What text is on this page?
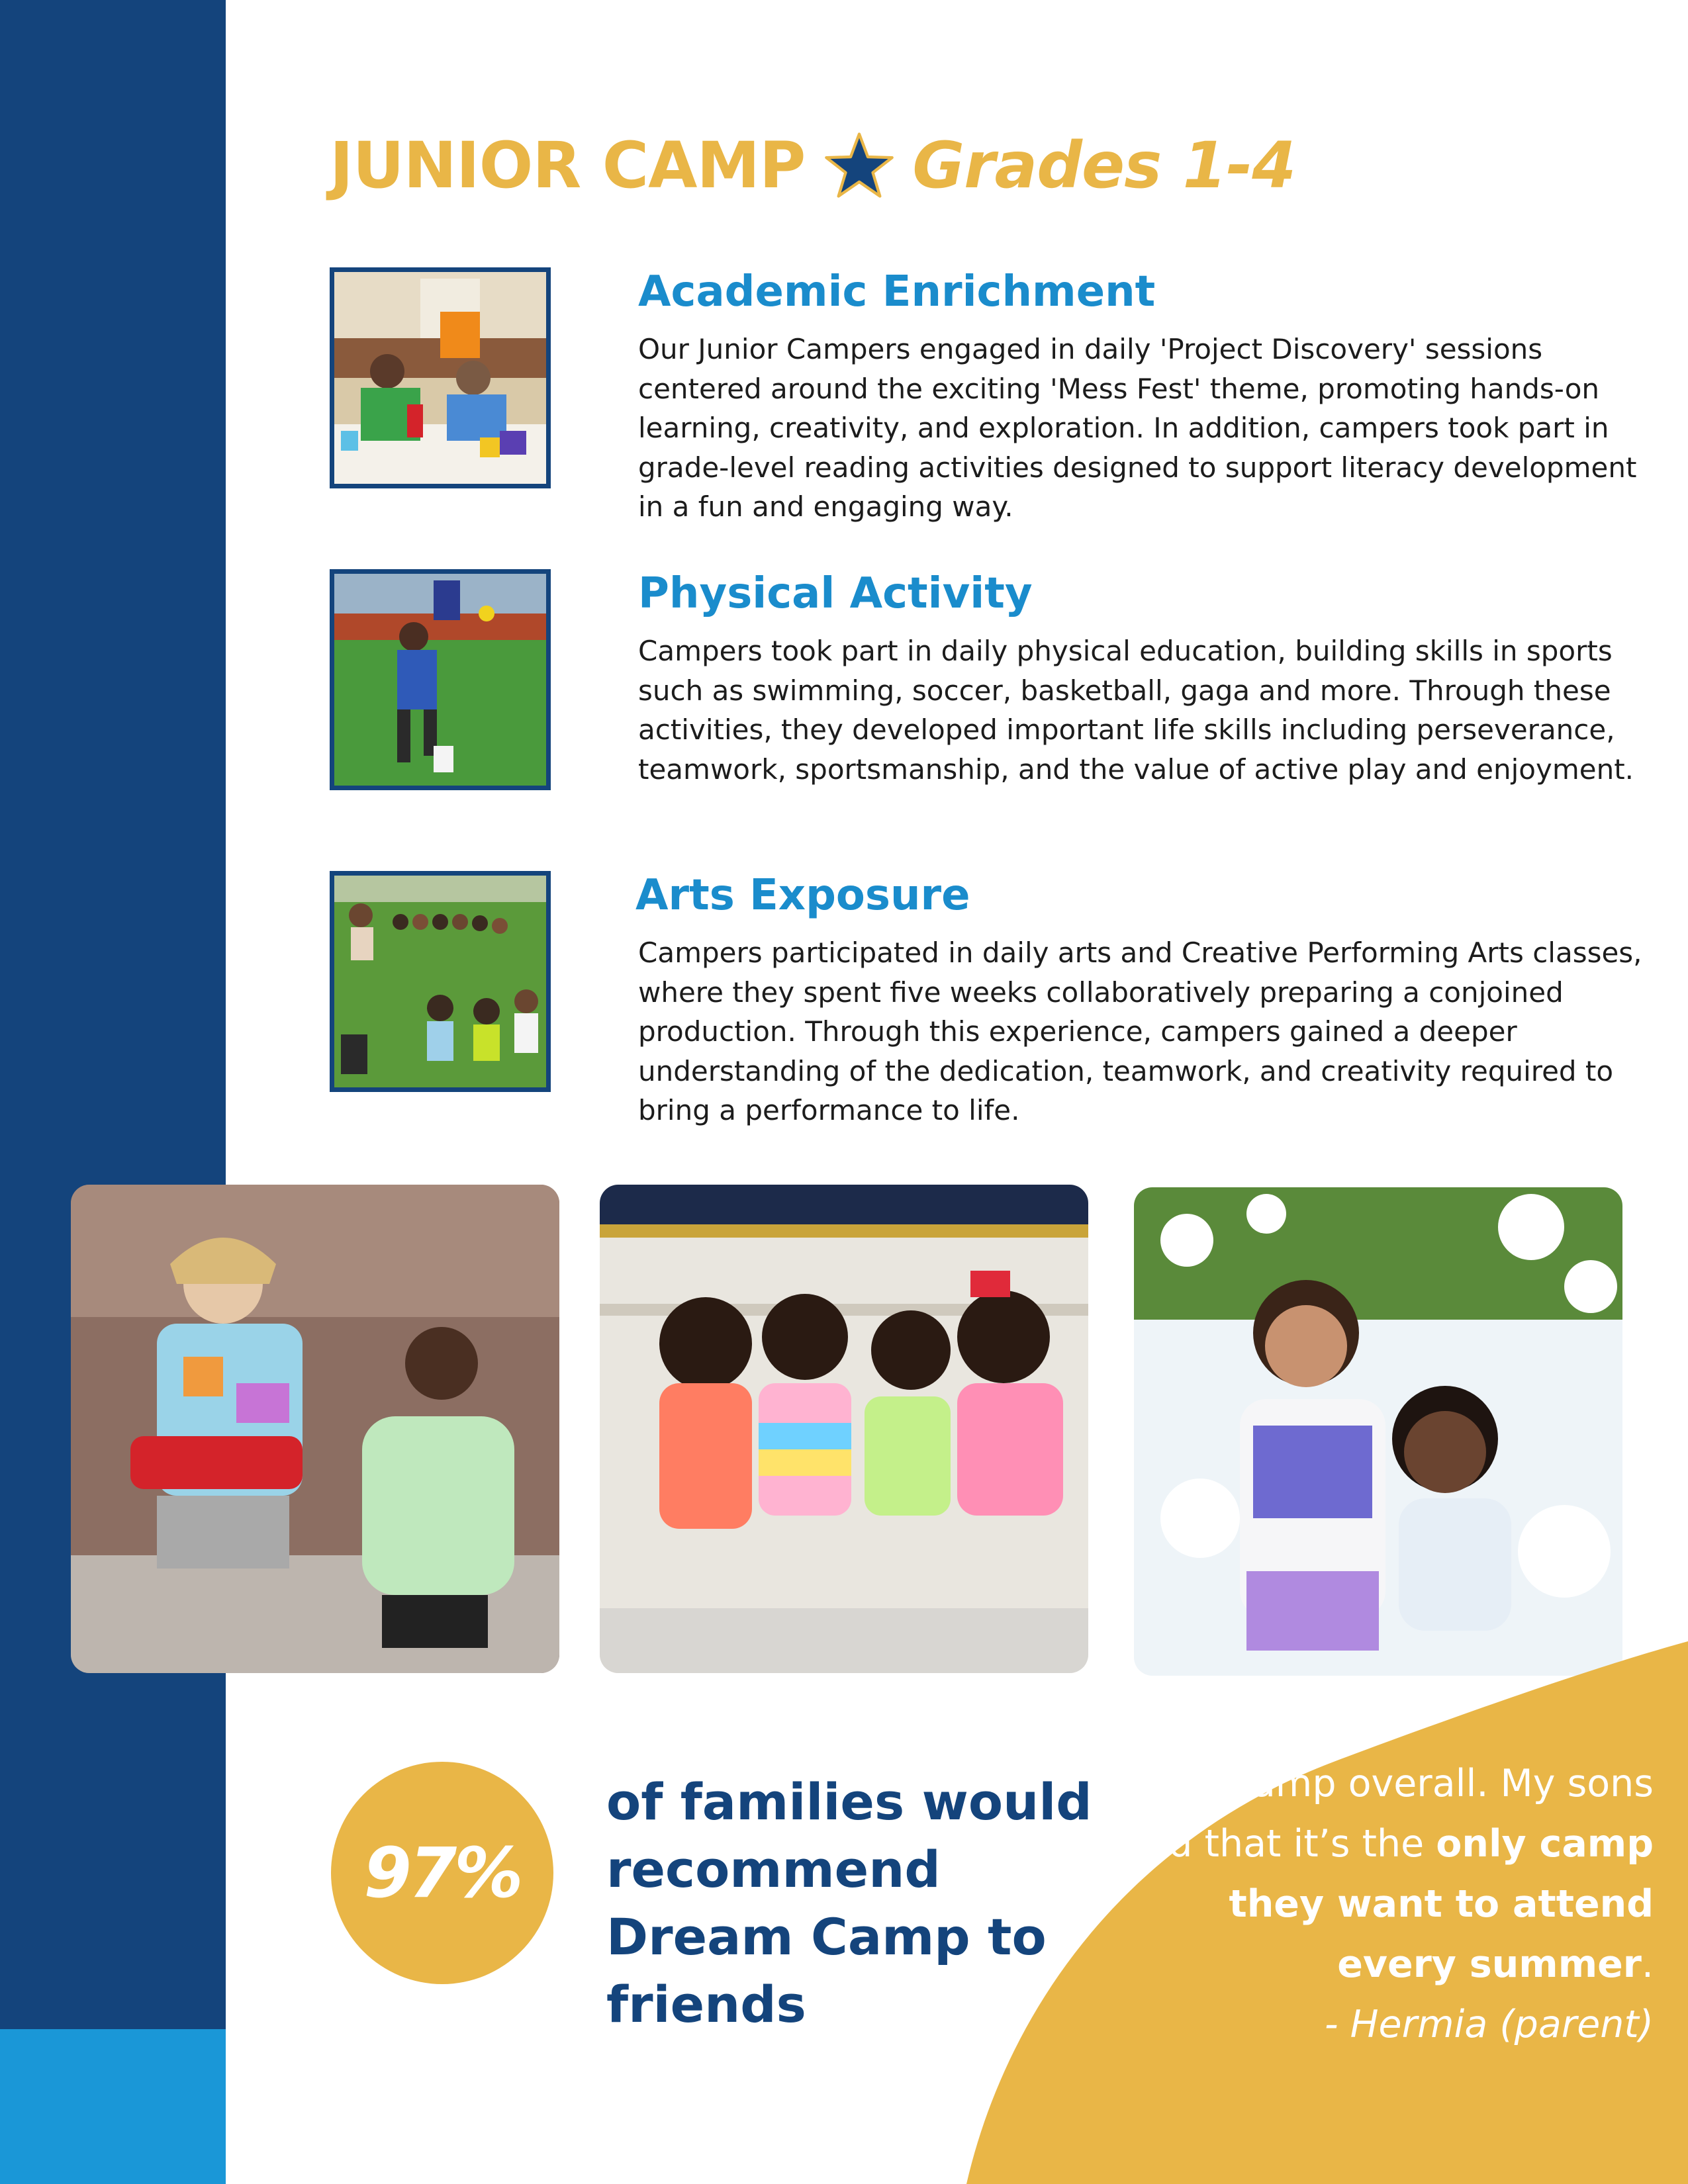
JUNIOR CAMP Grades 1-4
Academic Enrichment
Our Junior Campers engaged in daily 'Project Discovery' sessions centered around the exciting 'Mess Fest' theme, promoting hands-on learning, creativity, and exploration. In addition, campers took part in grade-level reading activities designed to support literacy development in a fun and engaging way.
Physical Activity
Campers took part in daily physical education, building skills in sports such as swimming, soccer, basketball, gaga and more. Through these activities, they developed important life skills including perseverance, teamwork, sportsmanship, and the value of active play and enjoyment.
Arts Exposure
Campers participated in daily arts and Creative Performing Arts classes, where they spent five weeks collaboratively preparing a conjoined production. Through this experience, campers gained a deeper understanding of the dedication, teamwork, and creativity required to bring a performance to life.
97%
of families would recommend Dream Camp to friends
Great camp overall. My sons said that it’s the only camp they want to attend every summer.
- Hermia (parent)
